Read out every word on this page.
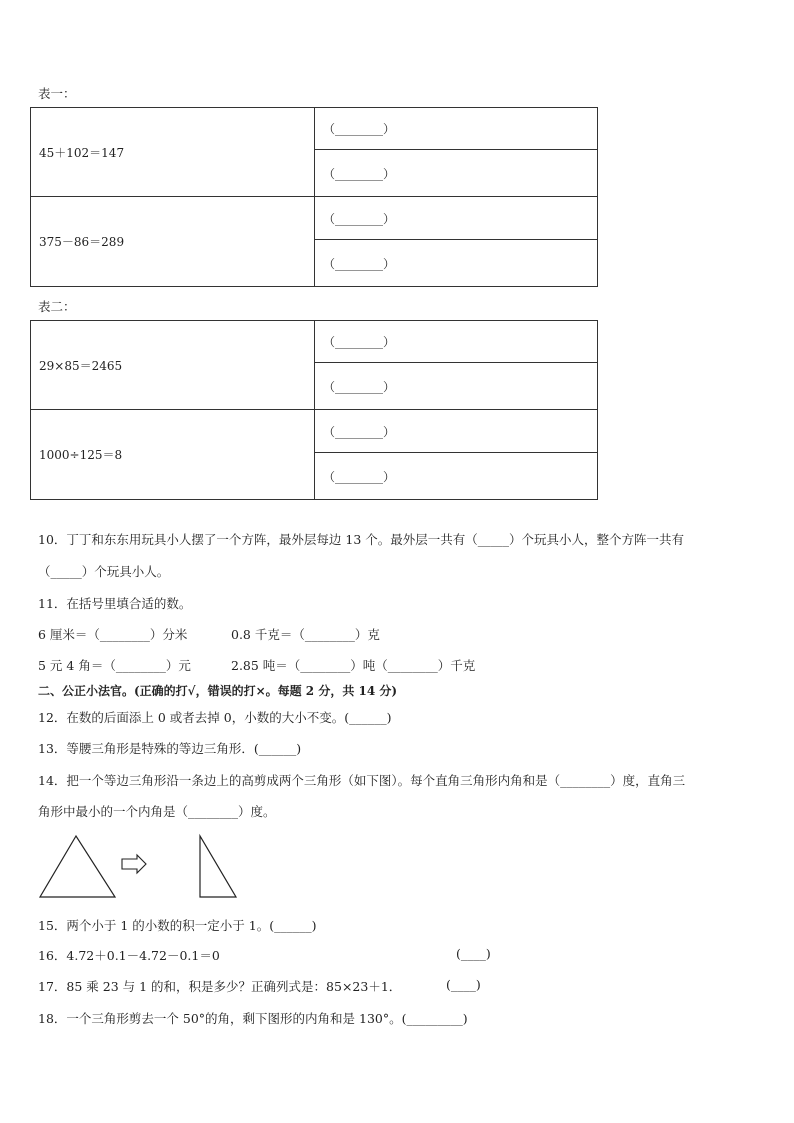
表一：
45＋102＝147	（________）
	（________）
375－86＝289	（________）
	（________）
表二：
29×85＝2465	（________）
	（________）
1000÷125＝8	（________）
	（________）
10．丁丁和东东用玩具小人摆了一个方阵，最外层每边 13 个。最外层一共有（_____）个玩具小人，整个方阵一共有
（_____）个玩具小人。
11．在括号里填合适的数。
6 厘米＝（________）分米	0.8 千克＝（________）克
5 元 4 角＝（________）元	2.85 吨＝（________）吨（________）千克
二、公正小法官。(正确的打√，错误的打×。每题 2 分，共 14 分)
12．在数的后面添上 0 或者去掉 0，小数的大小不变。(______)
13．等腰三角形是特殊的等边三角形．(______)
14．把一个等边三角形沿一条边上的高剪成两个三角形（如下图）。每个直角三角形内角和是（________）度，直角三
角形中最小的一个内角是（________）度。
15．两个小于 1 的小数的积一定小于 1。(______)
16．4.72＋0.1－4.72－0.1＝0	(____)
17．85 乘 23 与 1 的和，积是多少？正确列式是：85×23＋1．	(____)
18．一个三角形剪去一个 50°的角，剩下图形的内角和是 130°。(_________)
